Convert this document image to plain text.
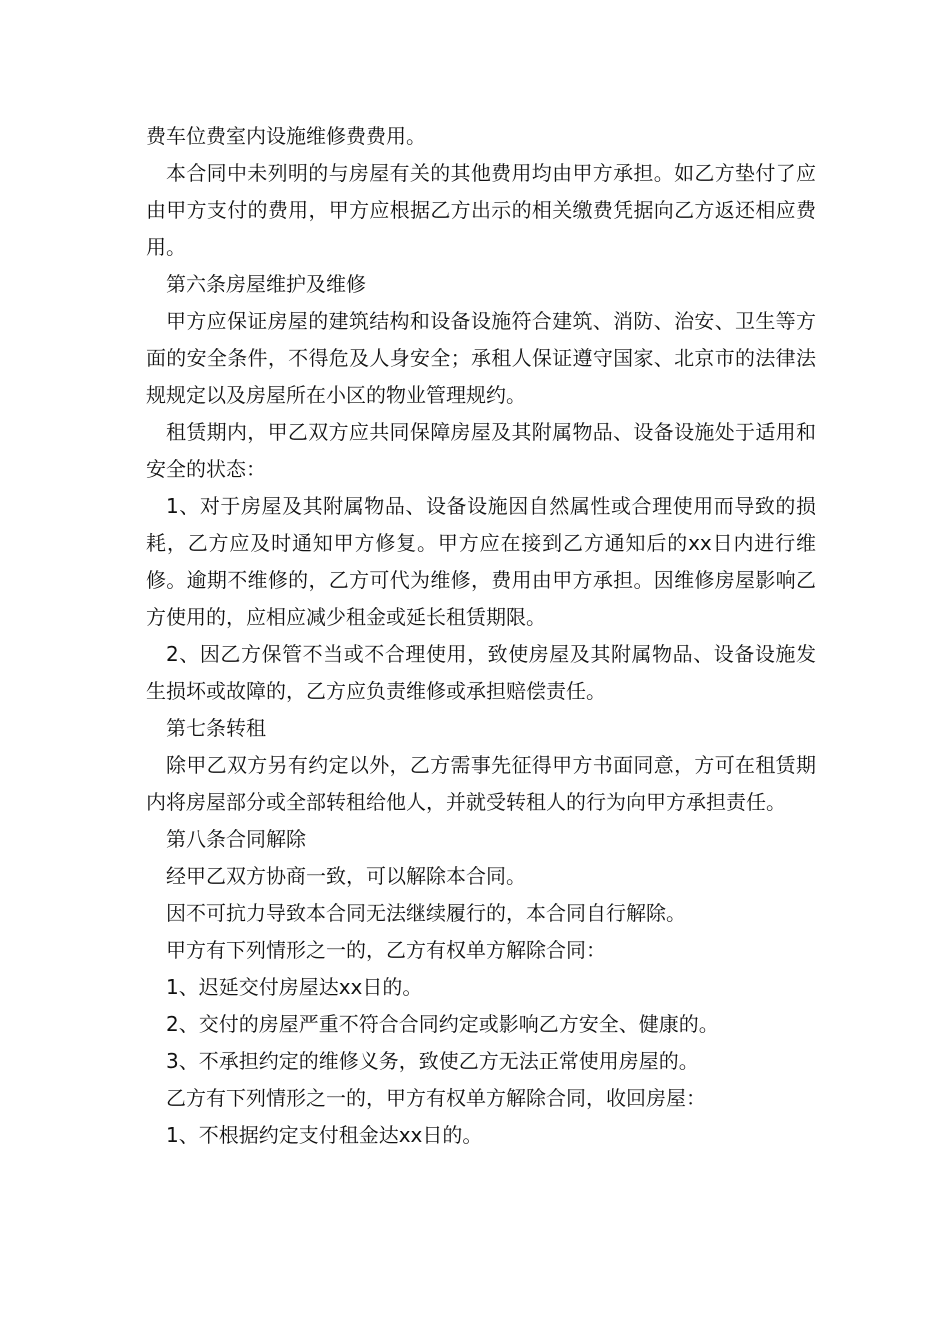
费车位费室内设施维修费费用。

本合同中未列明的与房屋有关的其他费用均由甲方承担。如乙方垫付了应由甲方支付的费用，甲方应根据乙方出示的相关缴费凭据向乙方返还相应费用。

第六条房屋维护及维修

甲方应保证房屋的建筑结构和设备设施符合建筑、消防、治安、卫生等方面的安全条件，不得危及人身安全；承租人保证遵守国家、北京市的法律法规规定以及房屋所在小区的物业管理规约。

租赁期内，甲乙双方应共同保障房屋及其附属物品、设备设施处于适用和安全的状态：

1、对于房屋及其附属物品、设备设施因自然属性或合理使用而导致的损耗，乙方应及时通知甲方修复。甲方应在接到乙方通知后的xx日内进行维修。逾期不维修的，乙方可代为维修，费用由甲方承担。因维修房屋影响乙方使用的，应相应减少租金或延长租赁期限。

2、因乙方保管不当或不合理使用，致使房屋及其附属物品、设备设施发生损坏或故障的，乙方应负责维修或承担赔偿责任。

第七条转租

除甲乙双方另有约定以外，乙方需事先征得甲方书面同意，方可在租赁期内将房屋部分或全部转租给他人，并就受转租人的行为向甲方承担责任。

第八条合同解除

经甲乙双方协商一致，可以解除本合同。

因不可抗力导致本合同无法继续履行的，本合同自行解除。

甲方有下列情形之一的，乙方有权单方解除合同：

1、迟延交付房屋达xx日的。

2、交付的房屋严重不符合合同约定或影响乙方安全、健康的。

3、不承担约定的维修义务，致使乙方无法正常使用房屋的。

乙方有下列情形之一的，甲方有权单方解除合同，收回房屋：

1、不根据约定支付租金达xx日的。
